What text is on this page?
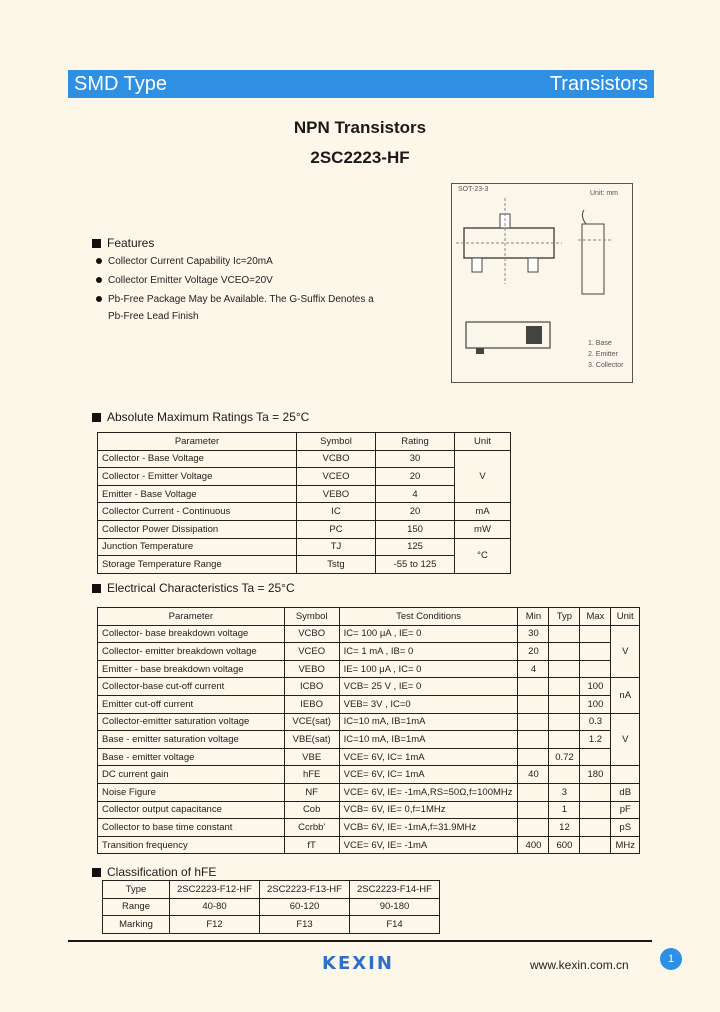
SMD Type	Transistors
NPN Transistors
2SC2223-HF
Features
Collector Current Capability Ic=20mA
Collector Emitter Voltage VCEO=20V
Pb-Free Package May be Available. The G-Suffix Denotes a
Pb-Free Lead Finish
SOT-23-3
Unit: mm
1. Base
2. Emitter
3. Collector
Absolute Maximum Ratings Ta = 25°C
Parameter	Symbol	Rating	Unit
Collector - Base Voltage	VCBO	30	V
Collector - Emitter Voltage	VCEO	20	
Emitter - Base Voltage	VEBO	4	
Collector Current - Continuous	IC	20	mA
Collector Power Dissipation	PC	150	mW
Junction Temperature	TJ	125	°C
Storage Temperature Range	Tstg	-55 to 125	
Electrical Characteristics Ta = 25°C
Parameter	Symbol	Test Conditions	Min	Typ	Max	Unit
Collector- base breakdown voltage	VCBO	IC= 100 μA , IE= 0	30			V
Collector- emitter breakdown voltage	VCEO	IC= 1 mA , IB= 0	20			
Emitter - base breakdown voltage	VEBO	IE= 100 μA , IC= 0	4			
Collector-base cut-off current	ICBO	VCB= 25 V , IE= 0			100	nA
Emitter cut-off current	IEBO	VEB= 3V , IC=0			100	
Collector-emitter saturation voltage	VCE(sat)	IC=10 mA, IB=1mA			0.3	V
Base - emitter saturation voltage	VBE(sat)	IC=10 mA, IB=1mA			1.2	
Base - emitter voltage	VBE	VCE= 6V, IC= 1mA		0.72		
DC current gain	hFE	VCE= 6V, IC= 1mA	40		180	
Noise Figure	NF	VCE= 6V, IE= -1mA,RS=50Ω,f=100MHz		3		dB
Collector output capacitance	Cob	VCB= 6V, IE= 0,f=1MHz		1		pF
Collector to base time constant	Ccrbb'	VCB= 6V, IE= -1mA,f=31.9MHz		12		pS
Transition frequency	fT	VCE= 6V, IE= -1mA	400	600		MHz
Classification of hFE
Type	2SC2223-F12-HF	2SC2223-F13-HF	2SC2223-F14-HF
Range	40-80	60-120	90-180
Marking	F12	F13	F14
KEXIN	www.kexin.com.cn	1
